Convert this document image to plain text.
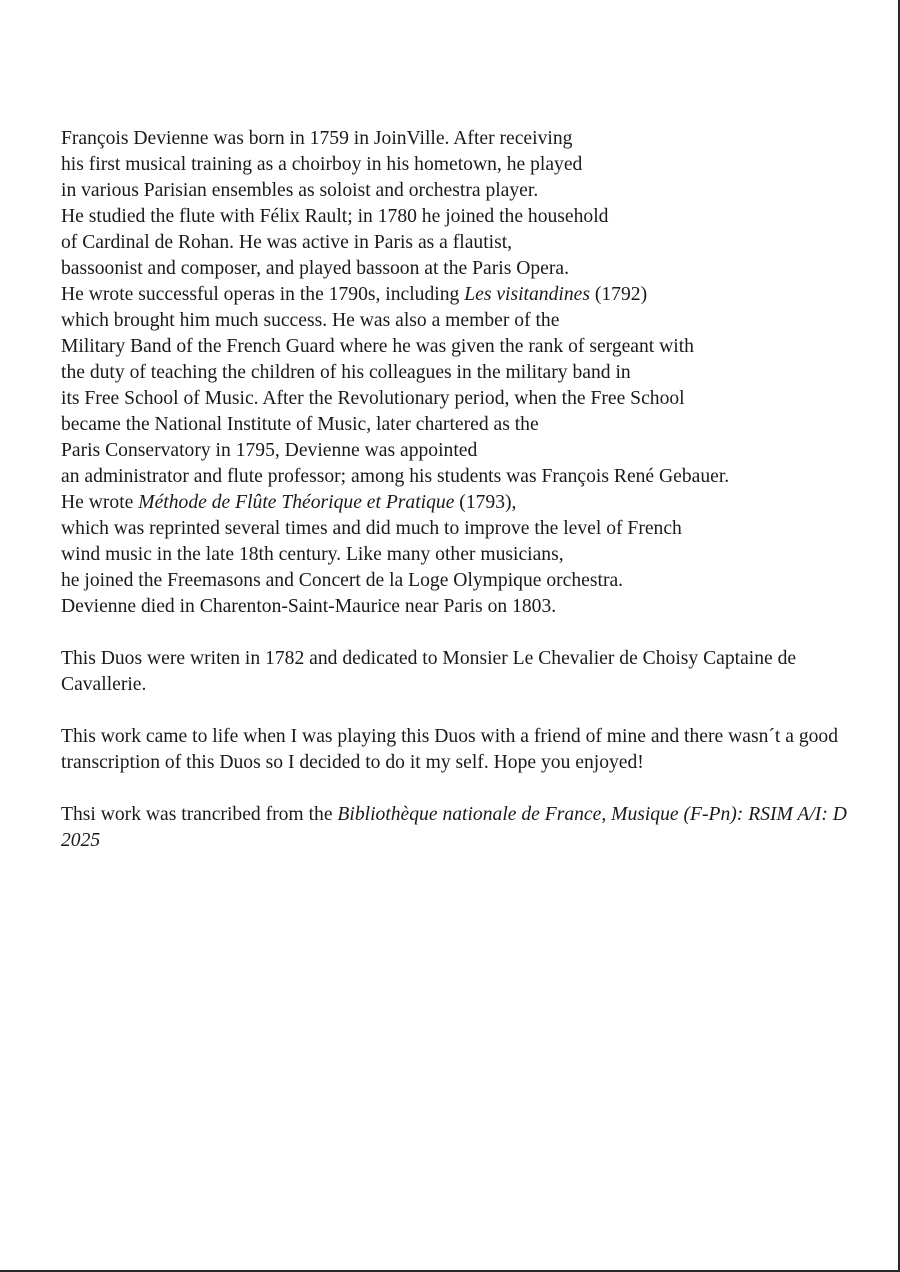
François Devienne was born in 1759 in JoinVille. After receiving
his first musical training as a choirboy in his hometown, he played
in various Parisian ensembles as soloist and orchestra player.
He studied the flute with Félix Rault; in 1780 he joined the household
of Cardinal de Rohan. He was active in Paris as a flautist,
bassoonist and composer, and played bassoon at the Paris Opera.
He wrote successful operas in the 1790s, including Les visitandines (1792)
which brought him much success. He was also a member of the
Military Band of the French Guard where he was given the rank of sergeant with
the duty of teaching the children of his colleagues in the military band in
its Free School of Music. After the Revolutionary period, when the Free School
became the National Institute of Music, later chartered as the
Paris Conservatory in 1795, Devienne was appointed
an administrator and flute professor; among his students was François René Gebauer.
He wrote Méthode de Flûte Théorique et Pratique (1793),
which was reprinted several times and did much to improve the level of French
wind music in the late 18th century. Like many other musicians,
he joined the Freemasons and Concert de la Loge Olympique orchestra.
Devienne died in Charenton-Saint-Maurice near Paris on 1803.

This Duos were writen in 1782 and dedicated to Monsier Le Chevalier de Choisy Captaine de Cavallerie.

This work came to life when I was playing this Duos with a friend of mine and there wasn´t a good transcription of this Duos so I decided to do it my self. Hope you enjoyed!

Thsi work was trancribed from the Bibliothèque nationale de France, Musique (F-Pn): RSIM A/I: D 2025
